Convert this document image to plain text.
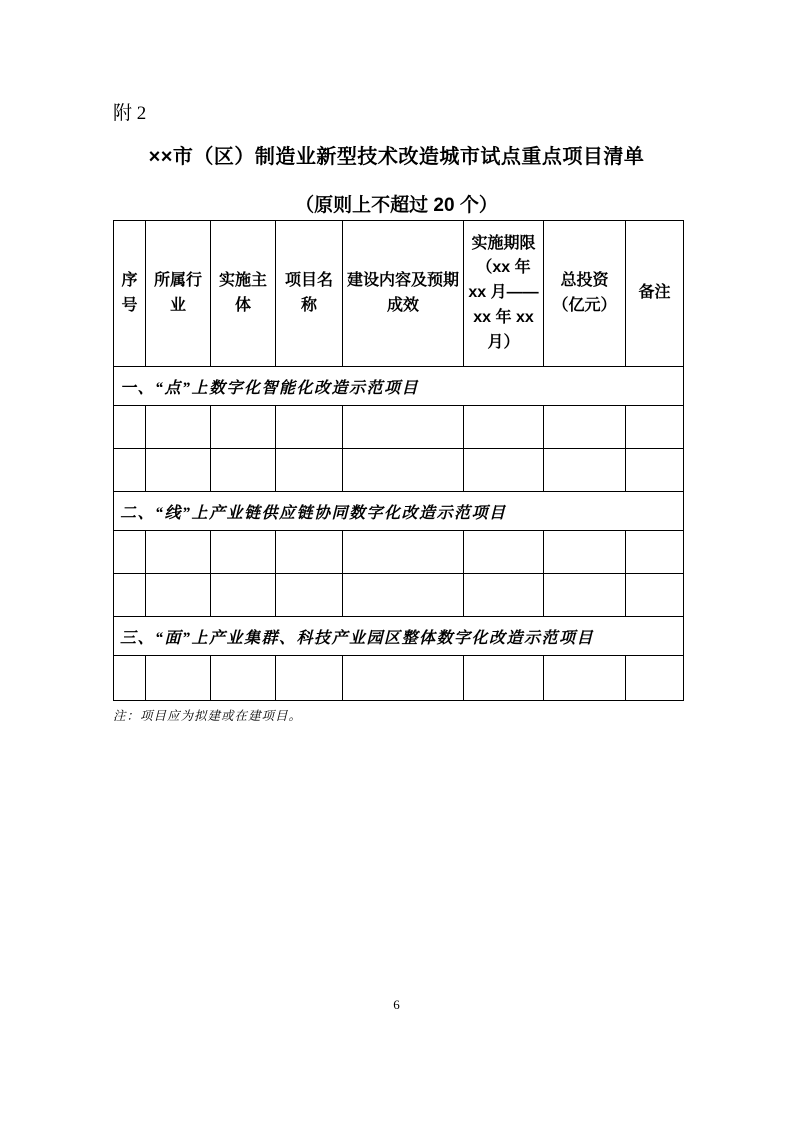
附 2
××市（区）制造业新型技术改造城市试点重点项目清单
（原则上不超过 20 个）
序号	所属行业	实施主体	项目名称	建设内容及预期成效	实施期限（xx 年 xx 月——xx 年 xx 月）	总投资（亿元）	备注
一、“点”上数字化智能化改造示范项目							

二、“线”上产业链供应链协同数字化改造示范项目							

三、“面”上产业集群、科技产业园区整体数字化改造示范项目							

注：项目应为拟建或在建项目。
6
